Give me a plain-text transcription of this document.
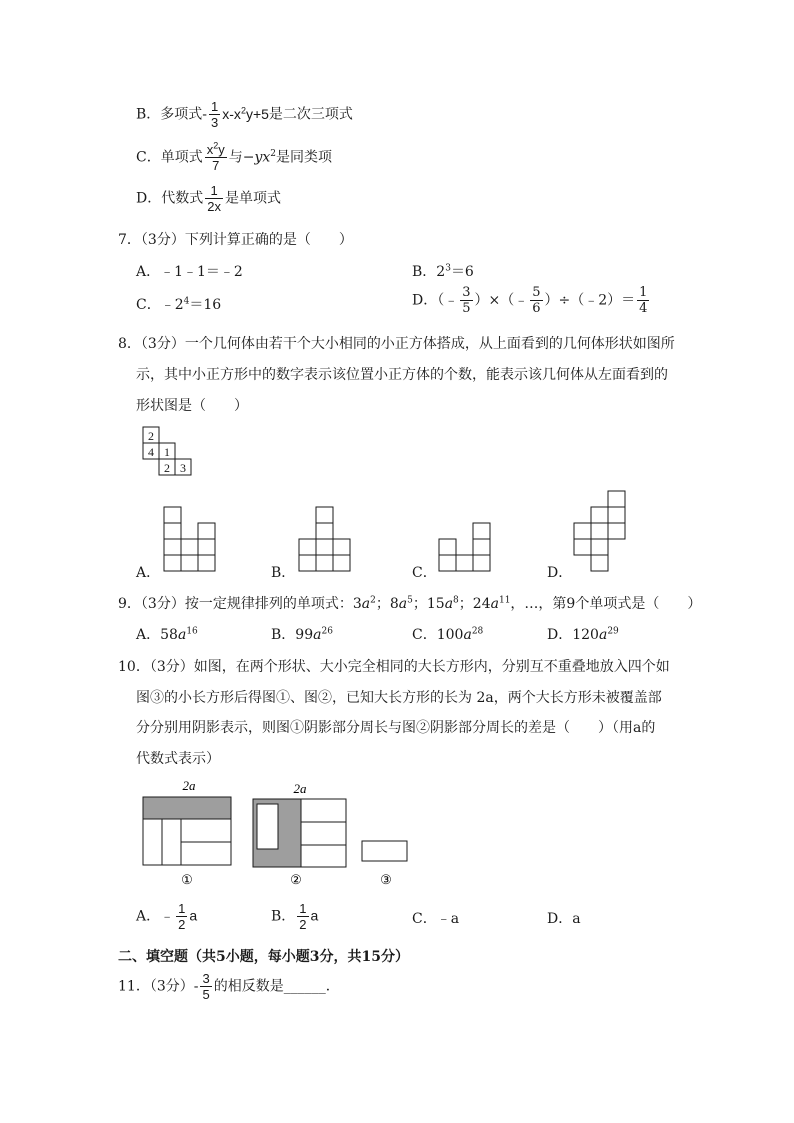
B．多项式- $\frac{1}{3} x-x^2y+5$是二次三项式
C．单项式 $\frac{x^2y}{7}$ 与$-yx^2$是同类项
D．代数式 $\frac{1}{2x}$ 是单项式
7．（3分）下列计算正确的是（　　）
A．﹣1﹣1＝﹣2	B．$2^3=6$
C．$﹣2^4=16$	D．（﹣ $\frac{3}{5}$ ）×（﹣ $\frac{5}{6}$ ）÷（﹣2）＝ $\frac{1}{4}$
8．（3分）一个几何体由若干个大小相同的小正方体搭成，从上面看到的几何体形状如图所
示，其中小正方形中的数字表示该位置小正方体的个数，能表示该几何体从左面看到的
形状图是（　　）
2
4 1
2 3
A．	B．	C．	D．
9．（3分）按一定规律排列的单项式：$3a^2$；$8a^5$；$15a^8$；$24a^{11}$，…，第9个单项式是（　　）
A．$58a^{16}$	B．$99a^{26}$	C．$100a^{28}$	D．$120a^{29}$
10．（3分）如图，在两个形状、大小完全相同的大长方形内，分别互不重叠地放入四个如
图③的小长方形后得图①、图②，已知大长方形的长为 2a，两个大长方形未被覆盖部
分分别用阴影表示，则图①阴影部分周长与图②阴影部分周长的差是（　　）（用a的
代数式表示）
2a
①
2a
②	③
A．﹣ $\frac{1}{2}$ a	B． $\frac{1}{2}$ a	C．﹣a	D．a
二、填空题（共5小题，每小题3分，共15分）
11．（3分）- $\frac{3}{5}$ 的相反数是______．
